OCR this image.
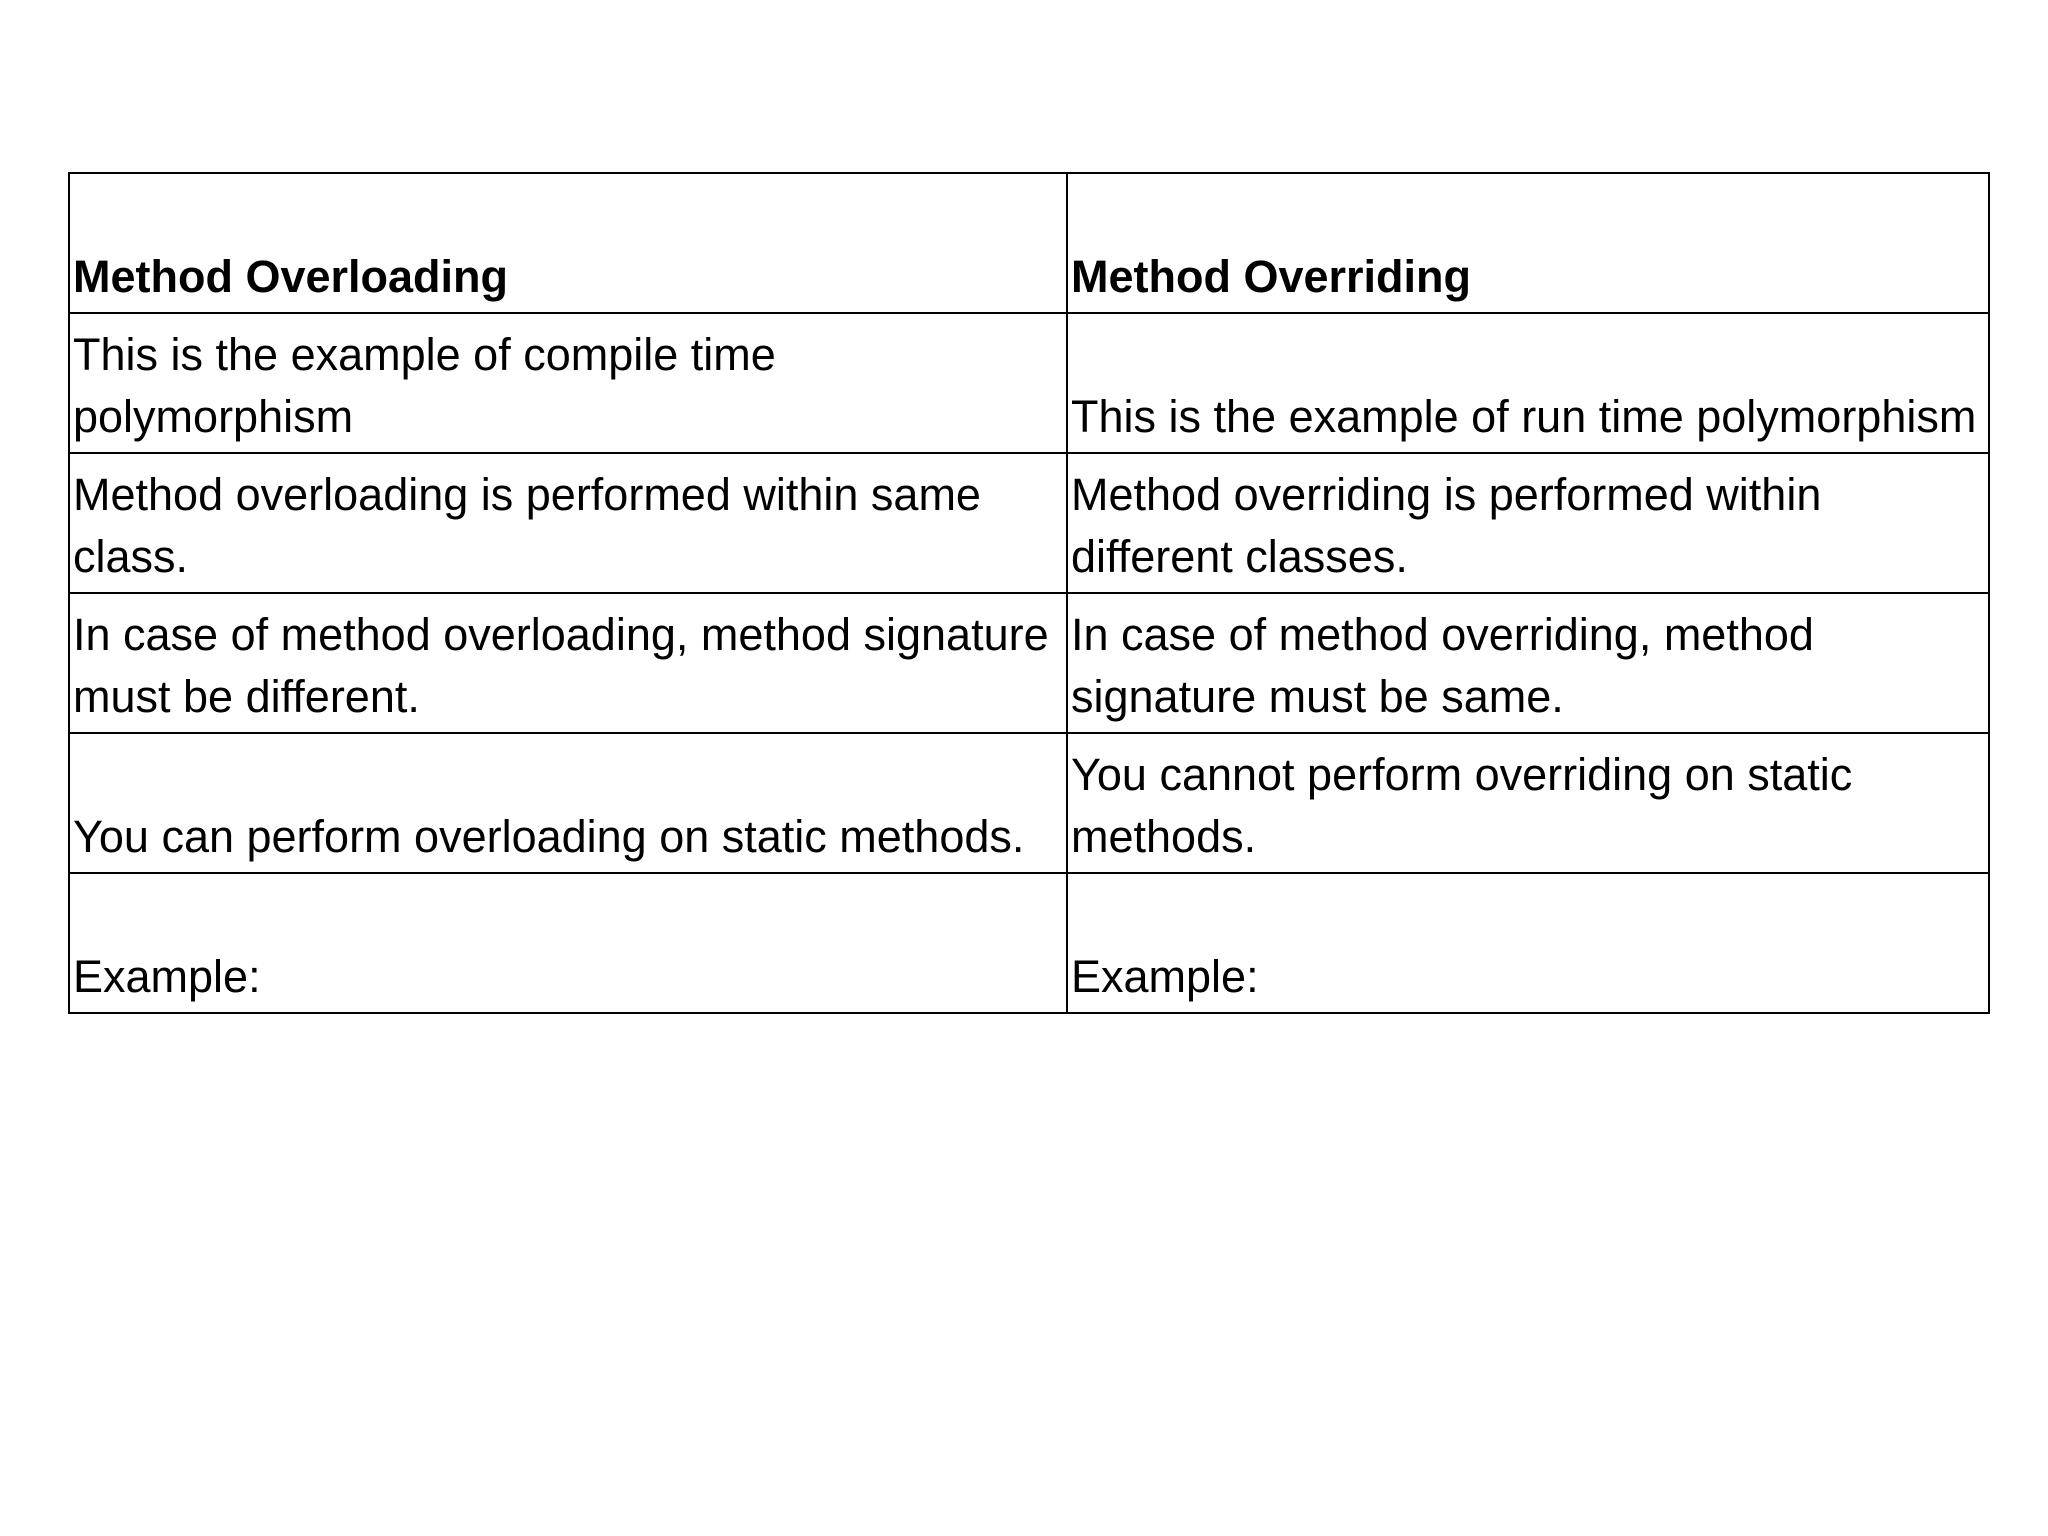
Method Overloading	Method Overriding
This is the example of compile time polymorphism	This is the example of run time polymorphism
Method overloading is performed within same class.	Method overriding is performed within different classes.
In case of method overloading, method signature must be different.	In case of method overriding, method signature must be same.
You can perform overloading on static methods.	You cannot perform overriding on static methods.
Example:	Example:
